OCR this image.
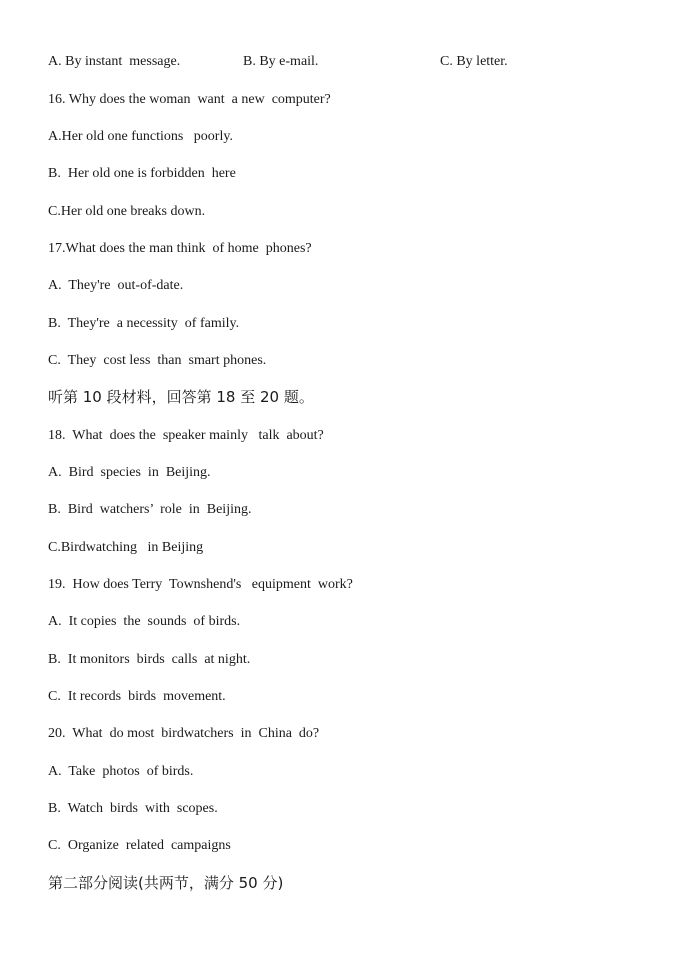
A. By instant  message.	B. By e-mail.	C. By letter.
16. Why does the woman  want  a new  computer?
A.Her old one functions   poorly.
B.  Her old one is forbidden  here
C.Her old one breaks down.
17.What does the man think  of home  phones?
A.  They're  out-of-date.
B.  They're  a necessity  of family.
C.  They  cost less  than  smart phones.
听第 10 段材料，回答第 18 至 20 题。
18.  What  does the  speaker mainly   talk  about?
A.  Bird  species  in  Beijing.
B.  Bird  watchers’  role  in  Beijing.
C.Birdwatching   in Beijing
19.  How does Terry  Townshend's   equipment  work?
A.  It copies  the  sounds  of birds.
B.  It monitors  birds  calls  at night.
C.  It records  birds  movement.
20.  What  do most  birdwatchers  in  China  do?
A.  Take  photos  of birds.
B.  Watch  birds  with  scopes.
C.  Organize  related  campaigns
第二部分阅读(共两节，满分 50 分)
